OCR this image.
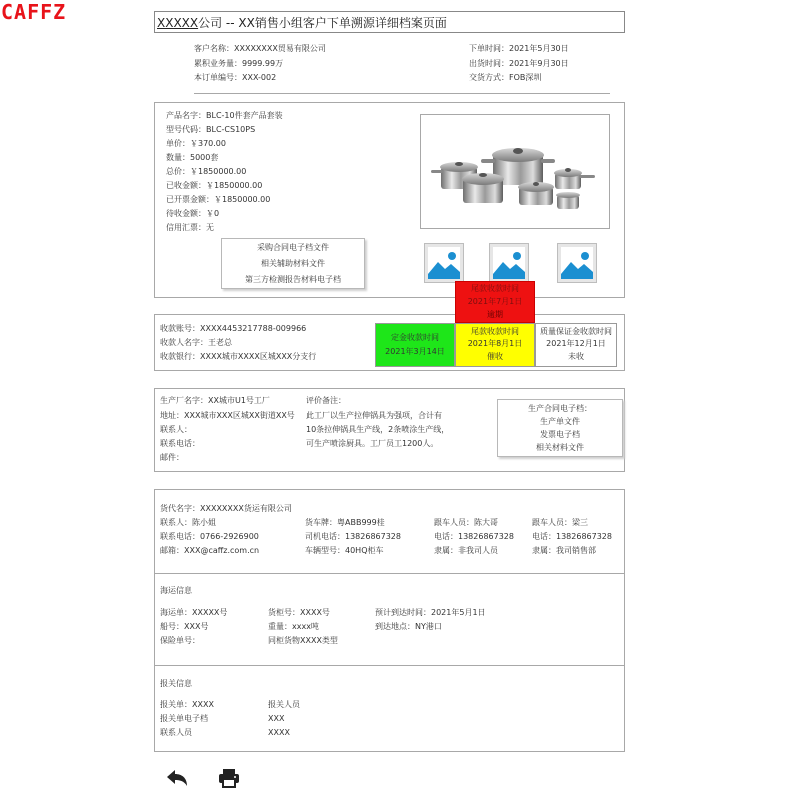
CAFFZ	XXXXX公司 -- XX销售小组客户下单溯源详细档案页面
客户名称：XXXXXXXX贸易有限公司
累积业务量：9999.99万
本订单编号：XXX-002
下单时间：2021年5月30日
出货时间：2021年9月30日
交货方式：FOB深圳
产品名字：BLC-10件套产品套装
型号代码：BLC-CS10PS
单价：￥370.00
数量：5000套
总价：￥1850000.00
已收金额：￥1850000.00
已开票金额：￥1850000.00
待收金额：￥0
信用汇票：无
采购合同电子档文件
相关辅助材料文件
第三方检测报告材料电子档
收款账号：XXXX4453217788-009966
收款人名字：王老总
收款银行：XXXX城市XXXX区城XXX分支行
定金收款时间
2021年3月14日
尾款收款时间
2021年8月1日
催收
质量保证金收款时间
2021年12月1日
未收
尾款收款时间
2021年7月1日
逾期
生产厂名字：XX城市U1号工厂
地址：XXX城市XXX区城XX街道XX号
联系人：
联系电话：
邮件：
评价备注：
此工厂以生产拉伸锅具为强项，合计有
10条拉伸锅具生产线，2条喷涂生产线，
可生产喷涂厨具。工厂员工1200人。
生产合同电子档：
生产单文件
发票电子档
相关材料文件
货代名字：XXXXXXXX货运有限公司
联系人：陈小姐
联系电话：0766-2926900
邮箱：XXX@caffz.com.cn
货车牌：粤ABB999桂
司机电话：13826867328
车辆型号：40HQ柜车
跟车人员：陈大哥
电话：13826867328
隶属：非我司人员
跟车人员：梁三
电话：13826867328
隶属：我司销售部
海运信息
海运单：XXXXX号
船号：XXX号
保险单号：
货柜号：XXXX号
重量：xxxx吨
同柜货物XXXX类型
预计到达时间：2021年5月1日
到达地点：NY港口
报关信息
报关单：XXXX
报关单电子档
联系人员
报关人员
XXX
XXXX
